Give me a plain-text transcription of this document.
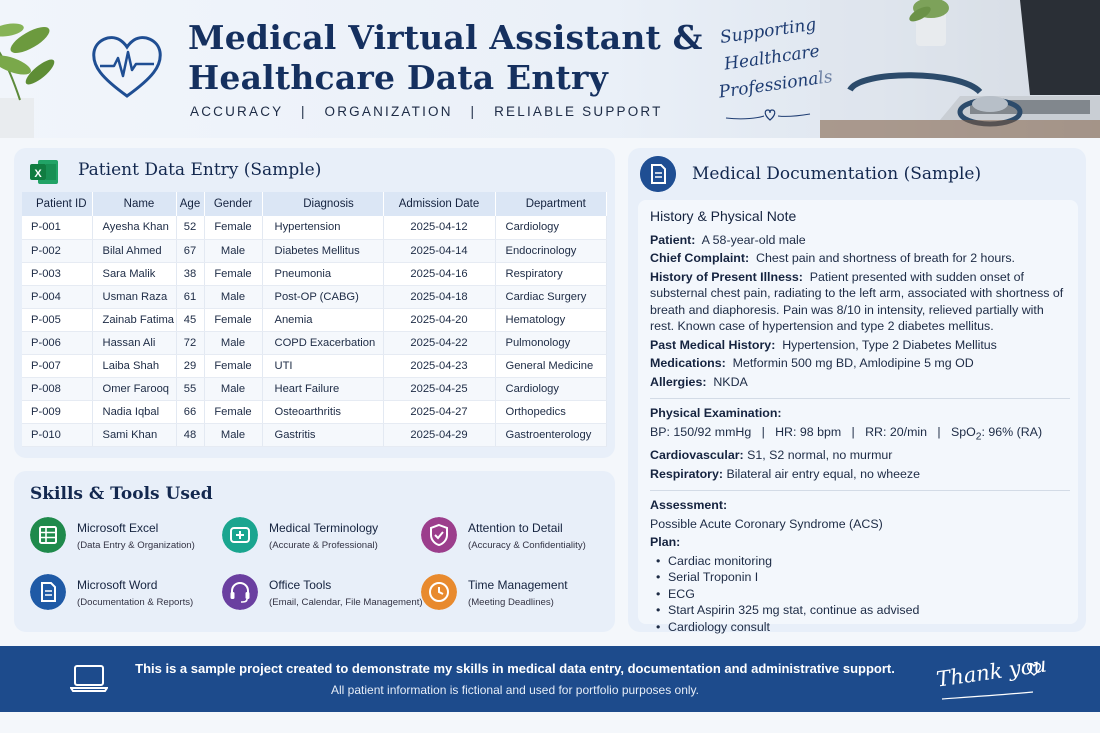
Medical Virtual Assistant &
Healthcare Data Entry
ACCURACY   |   ORGANIZATION   |   RELIABLE SUPPORT
Supporting
Healthcare
Professionals
X Patient Data Entry (Sample)
Patient ID	Name	Age	Gender	Diagnosis	Admission Date	Department
P-001	Ayesha Khan	52	Female	Hypertension	2025-04-12	Cardiology
P-002	Bilal Ahmed	67	Male	Diabetes Mellitus	2025-04-14	Endocrinology
P-003	Sara Malik	38	Female	Pneumonia	2025-04-16	Respiratory
P-004	Usman Raza	61	Male	Post-OP (CABG)	2025-04-18	Cardiac Surgery
P-005	Zainab Fatima	45	Female	Anemia	2025-04-20	Hematology
P-006	Hassan Ali	72	Male	COPD Exacerbation	2025-04-22	Pulmonology
P-007	Laiba Shah	29	Female	UTI	2025-04-23	General Medicine
P-008	Omer Farooq	55	Male	Heart Failure	2025-04-25	Cardiology
P-009	Nadia Iqbal	66	Female	Osteoarthritis	2025-04-27	Orthopedics
P-010	Sami Khan	48	Male	Gastritis	2025-04-29	Gastroenterology
Skills & Tools Used
Microsoft Excel
(Data Entry & Organization)
Medical Terminology
(Accurate & Professional)
Attention to Detail
(Accuracy & Confidentiality)
Microsoft Word
(Documentation & Reports)
Office Tools
(Email, Calendar, File Management)
Time Management
(Meeting Deadlines)
Medical Documentation (Sample)
History & Physical Note
Patient: A 58-year-old male
Chief Complaint: Chest pain and shortness of breath for 2 hours.
History of Present Illness: Patient presented with sudden onset of substernal chest pain, radiating to the left arm, associated with shortness of breath and diaphoresis. Pain was 8/10 in intensity, relieved partially with rest. Known case of hypertension and type 2 diabetes mellitus.
Past Medical History: Hypertension, Type 2 Diabetes Mellitus
Medications: Metformin 500 mg BD, Amlodipine 5 mg OD
Allergies: NKDA
Physical Examination:
BP: 150/92 mmHg   |   HR: 98 bpm   |   RR: 20/min   |   SpO$_2$: 96% (RA)
Cardiovascular: S1, S2 normal, no murmur
Respiratory: Bilateral air entry equal, no wheeze
Assessment:
Possible Acute Coronary Syndrome (ACS)
Plan:
• Cardiac monitoring
• Serial Troponin I
• ECG
• Start Aspirin 325 mg stat, continue as advised
• Cardiology consult
This is a sample project created to demonstrate my skills in medical data entry, documentation and administrative support.
All patient information is fictional and used for portfolio purposes only.	Thank you
